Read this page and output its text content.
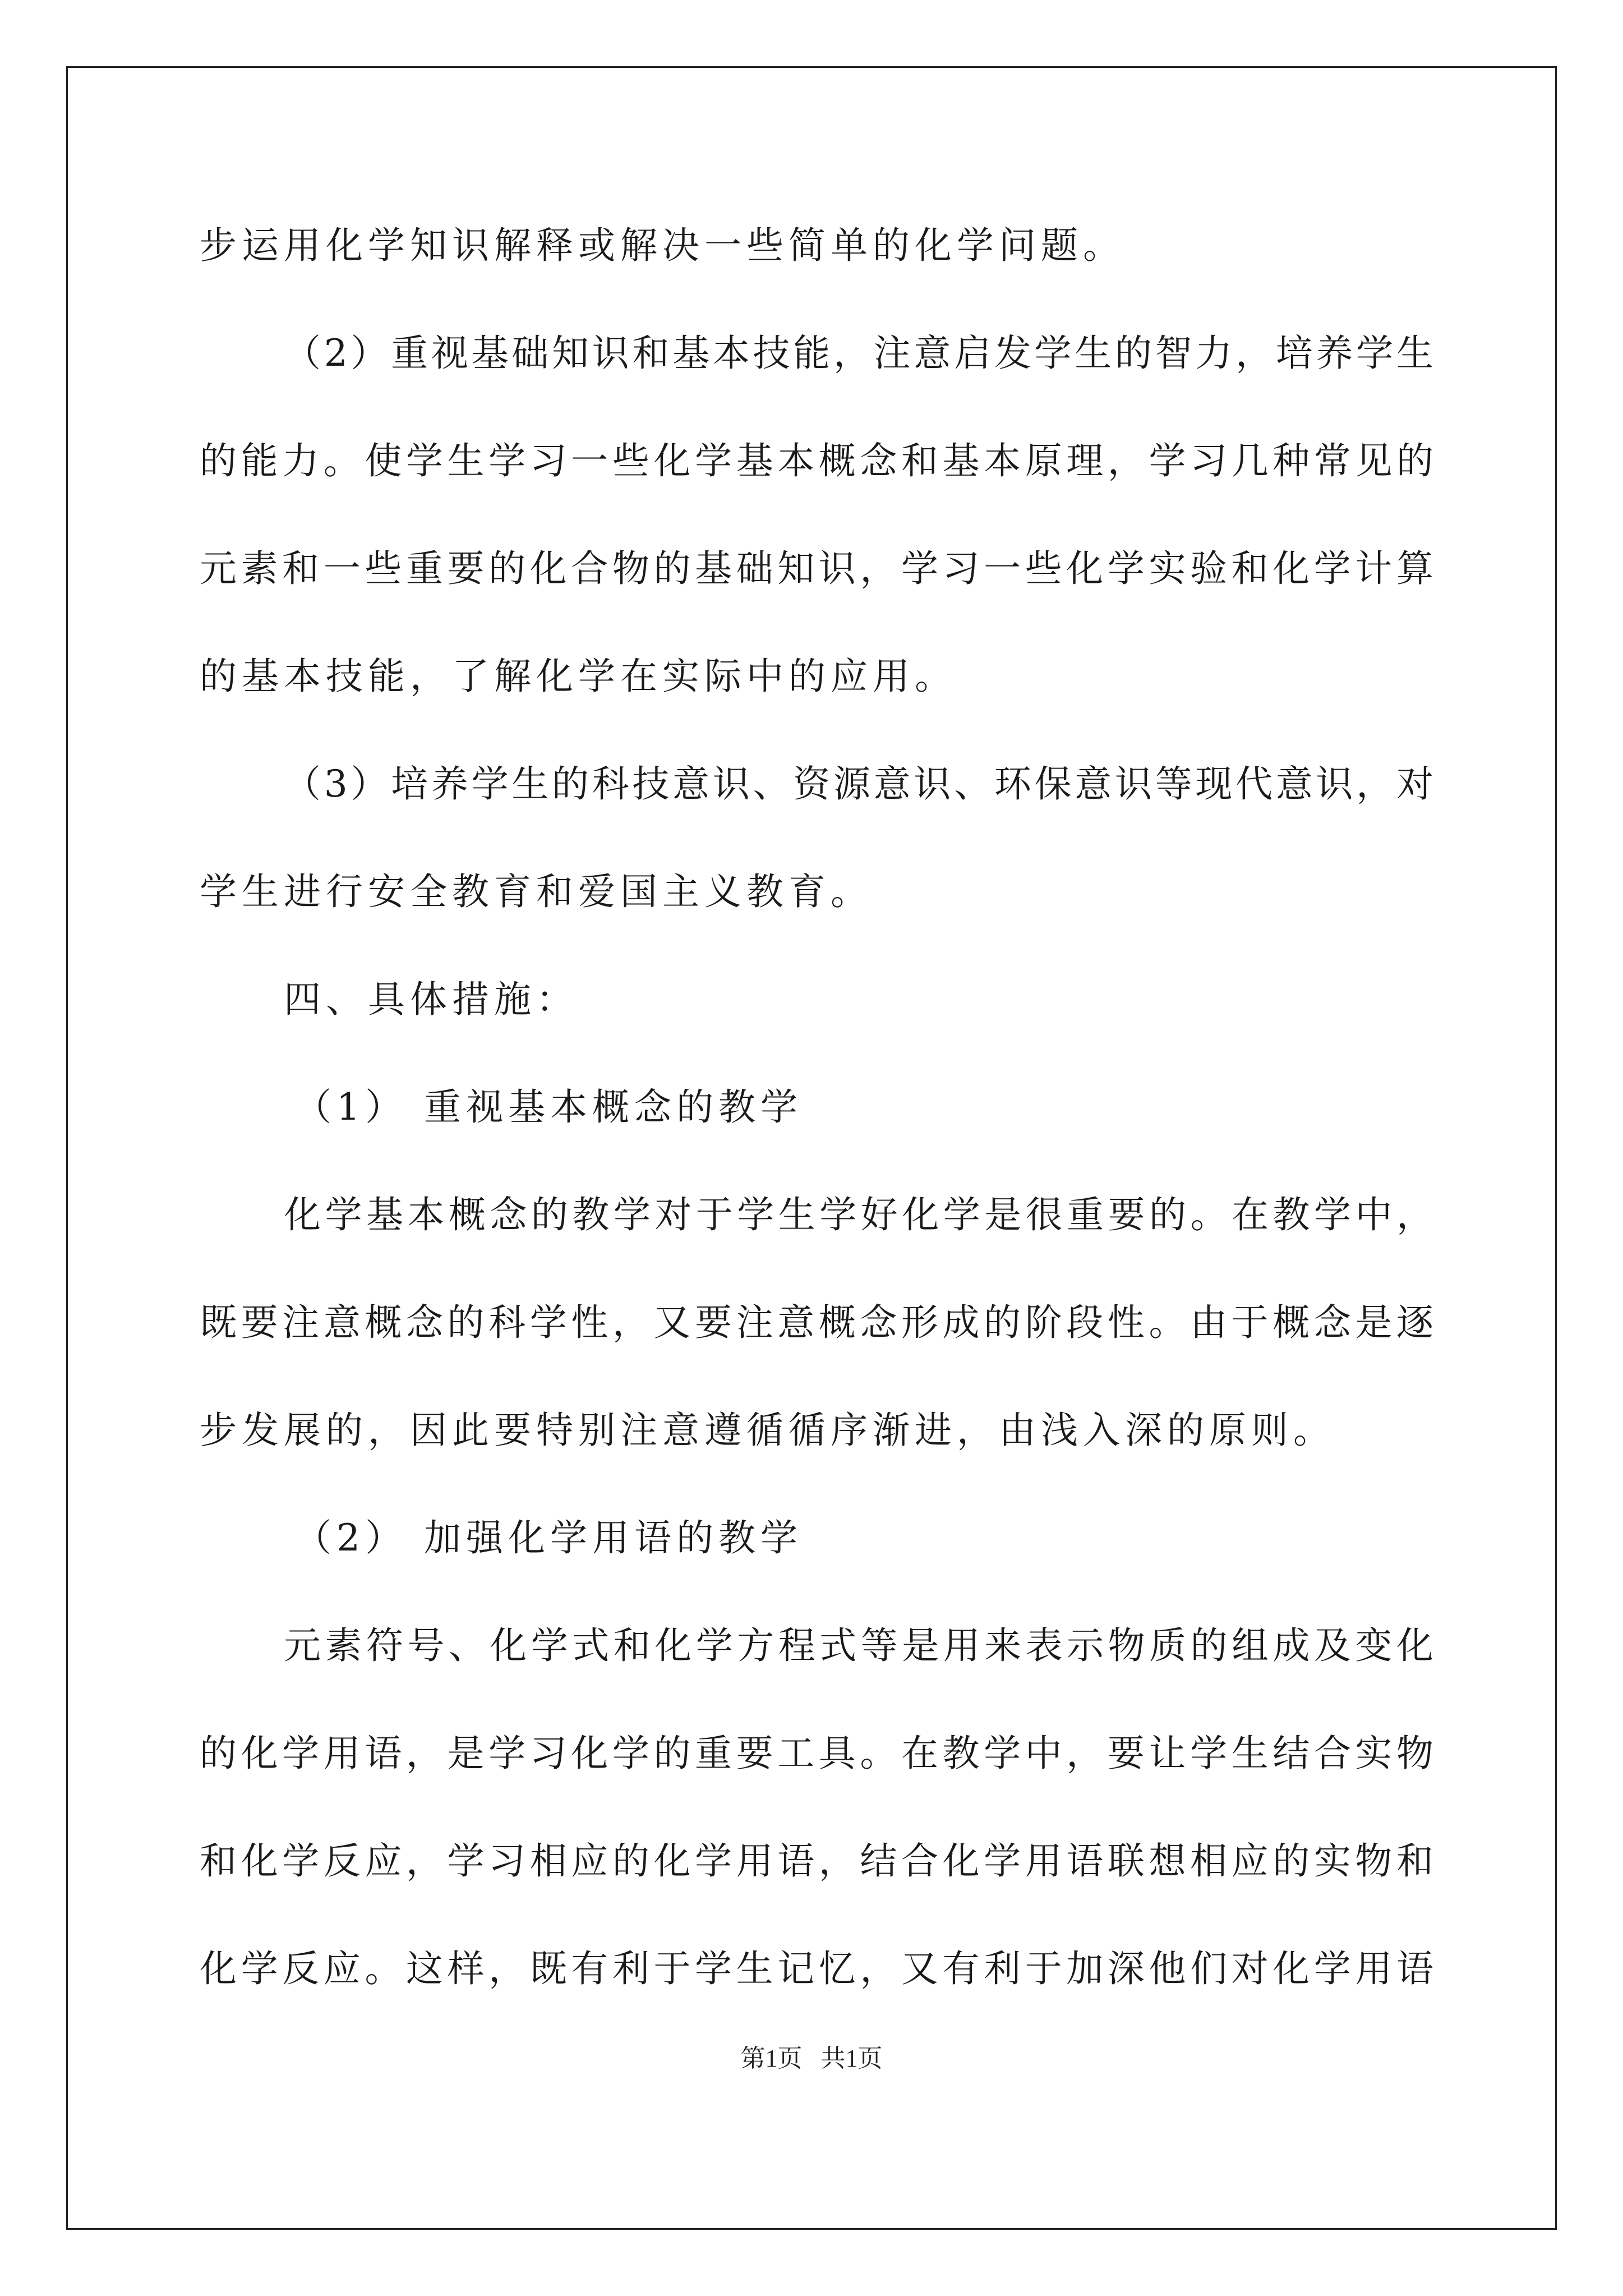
步运用化学知识解释或解决一些简单的化学问题。
（2）重视基础知识和基本技能，注意启发学生的智力，培养学生
的能力。使学生学习一些化学基本概念和基本原理，学习几种常见的
元素和一些重要的化合物的基础知识，学习一些化学实验和化学计算
的基本技能，了解化学在实际中的应用。
（3）培养学生的科技意识、资源意识、环保意识等现代意识，对
学生进行安全教育和爱国主义教育。
四、具体措施：
（1） 重视基本概念的教学
化学基本概念的教学对于学生学好化学是很重要的。在教学中，
既要注意概念的科学性，又要注意概念形成的阶段性。由于概念是逐
步发展的，因此要特别注意遵循循序渐进，由浅入深的原则。
（2） 加强化学用语的教学
元素符号、化学式和化学方程式等是用来表示物质的组成及变化
的化学用语，是学习化学的重要工具。在教学中，要让学生结合实物
和化学反应，学习相应的化学用语，结合化学用语联想相应的实物和
化学反应。这样，既有利于学生记忆，又有利于加深他们对化学用语
第1页   共1页
